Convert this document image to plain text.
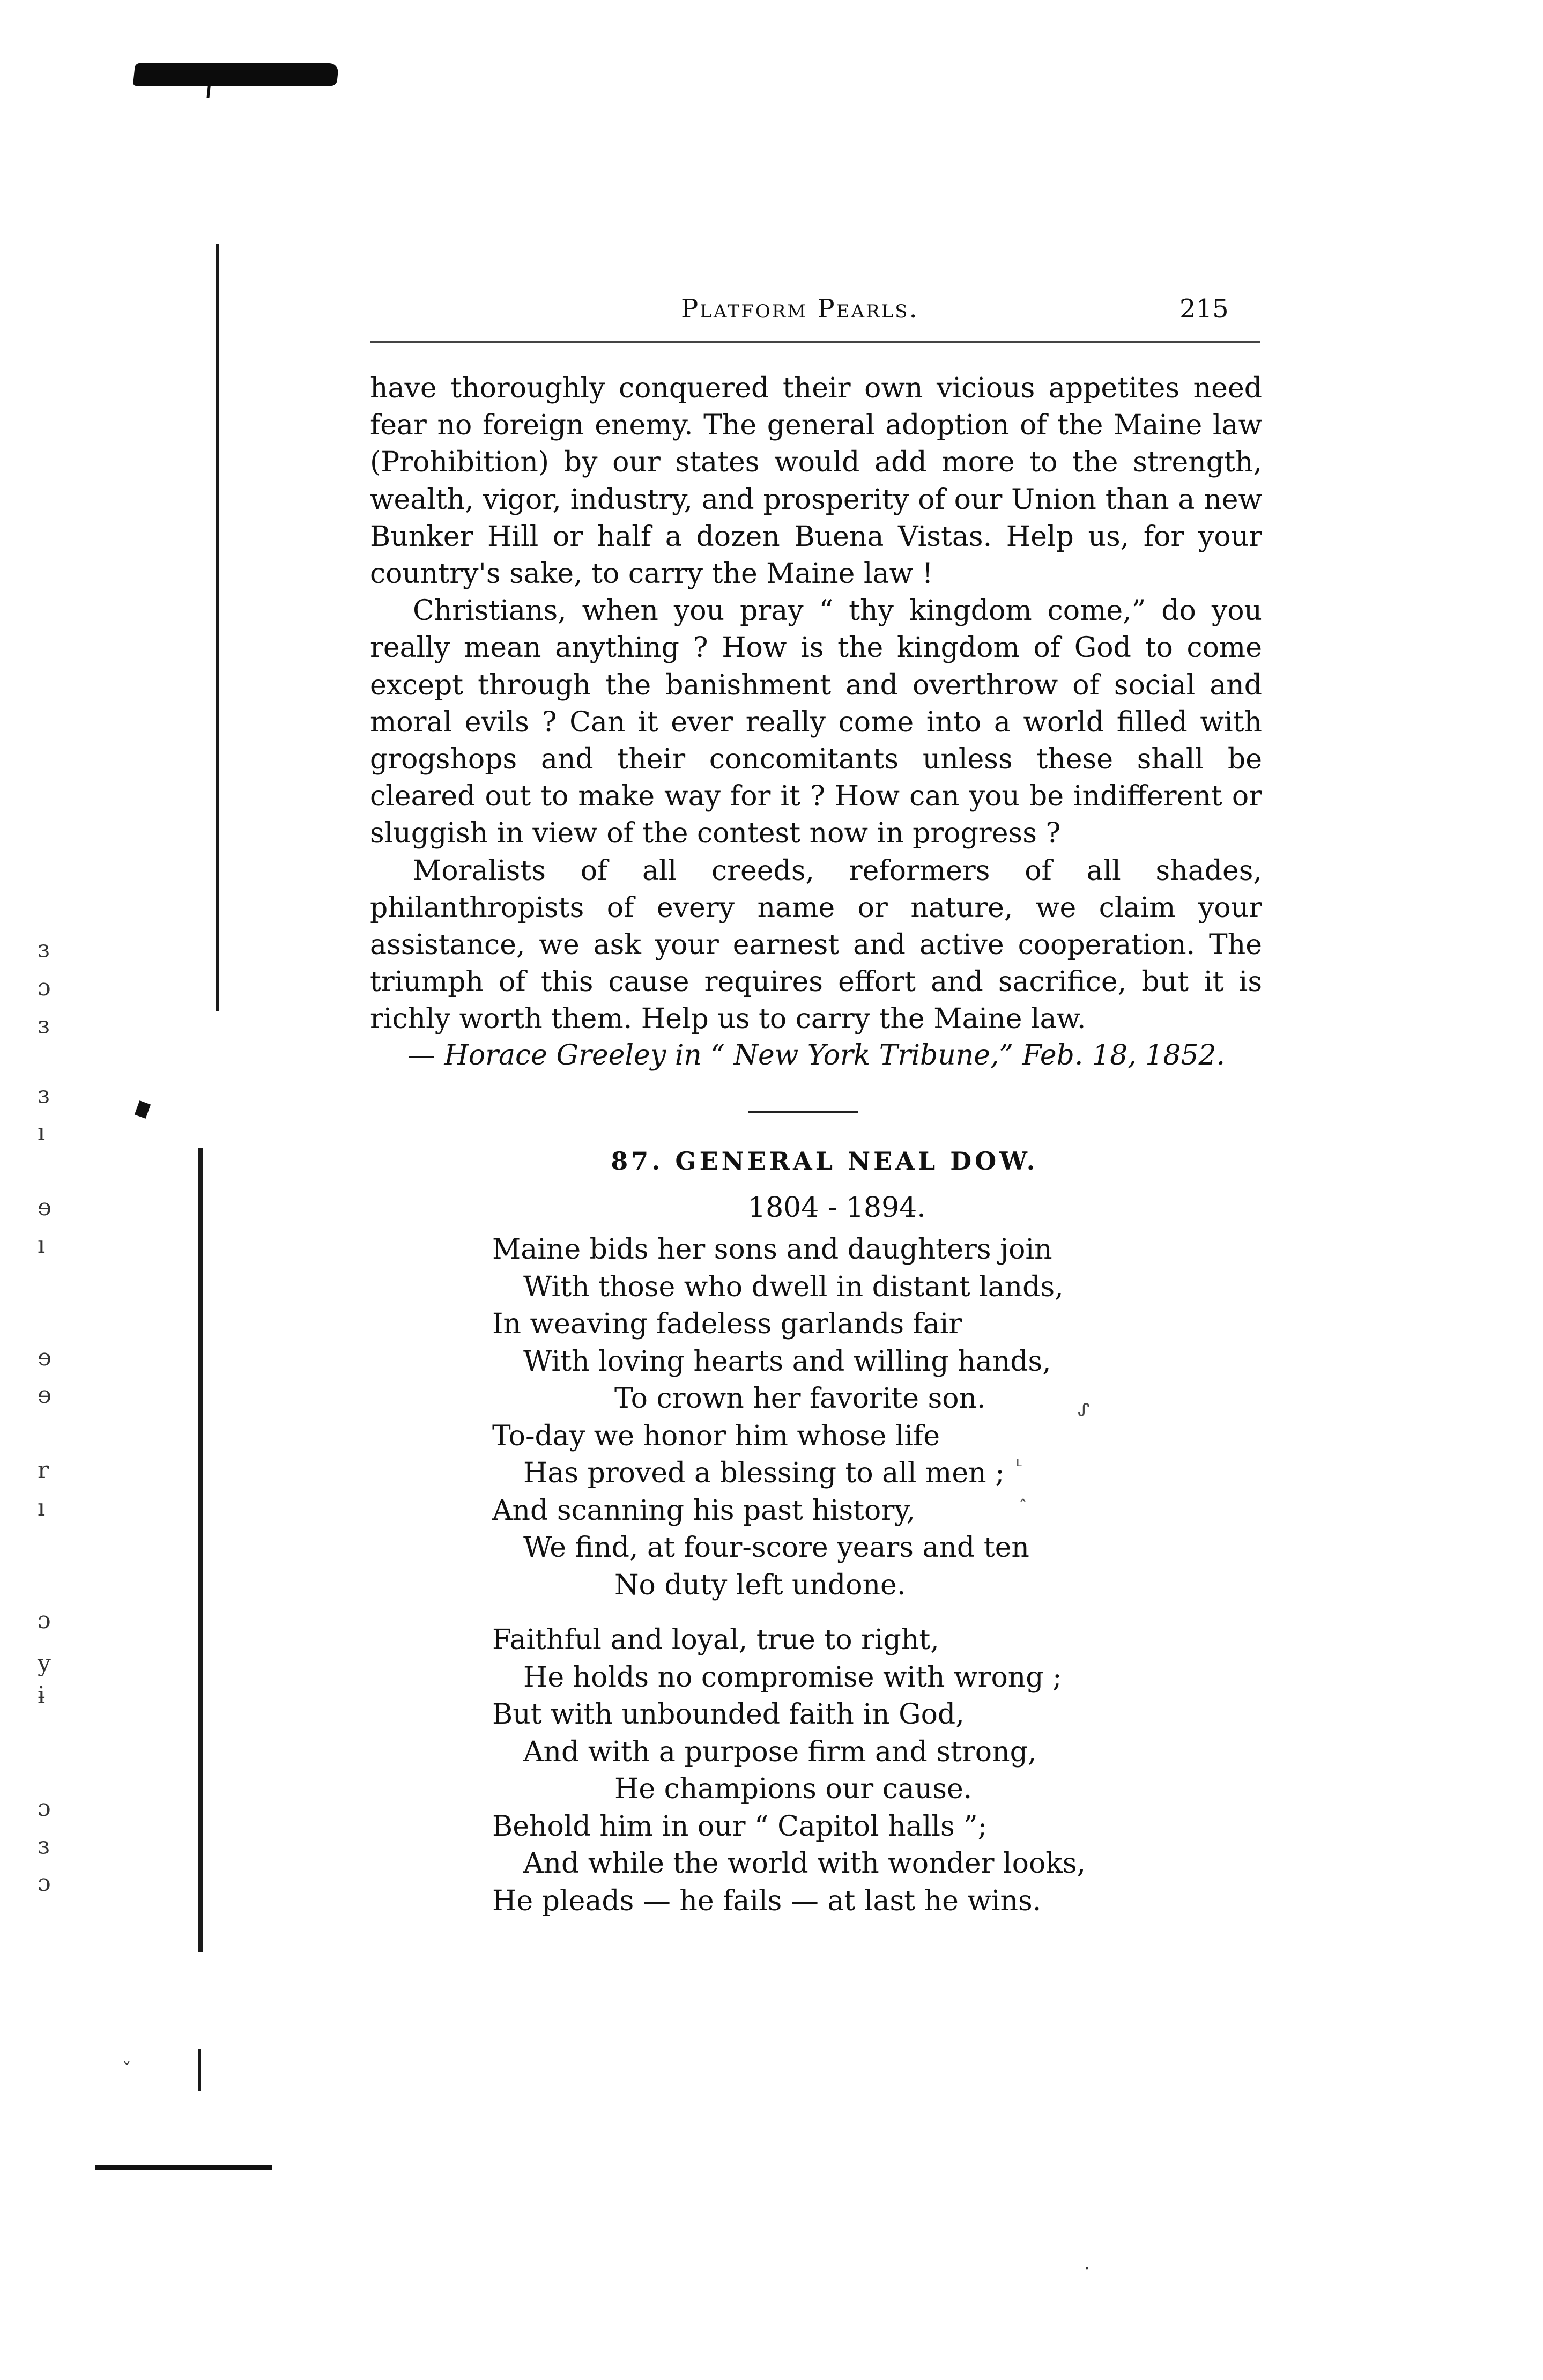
ɜ
ɔ
ɜ
ɜ
ı
ɘ
ı
ɘ
ɘ
r
ı
ɔ
y
ɨ
ɔ
ɜ
ɔ
ˇ
·
Platform Pearls.	215

have thoroughly conquered their own vicious appetites need fear no foreign enemy. The general adoption of the Maine law (Prohibition) by our states would add more to the strength, wealth, vigor, industry, and prosperity of our Union than a new Bunker Hill or half a dozen Buena Vistas. Help us, for your country's sake, to carry the Maine law !

Christians, when you pray “ thy kingdom come,” do you really mean anything ? How is the kingdom of God to come except through the banishment and overthrow of social and moral evils ? Can it ever really come into a world filled with grogshops and their concomitants unless these shall be cleared out to make way for it ? How can you be indifferent or sluggish in view of the contest now in progress ?

Moralists of all creeds, reformers of all shades, philanthropists of every name or nature, we claim your assistance, we ask your earnest and active cooperation. The triumph of this cause requires effort and sacrifice, but it is richly worth them. Help us to carry the Maine law.

— Horace Greeley in “ New York Tribune,” Feb. 18, 1852.
87. GENERAL NEAL DOW.
1804 - 1894.
Maine bids her sons and daughters join
With those who dwell in distant lands,
In weaving fadeless garlands fair
With loving hearts and willing hands,
To crown her favorite son.
To-day we honor him whose life
Has proved a blessing to all men ;
And scanning his past history,
We find, at four-score years and ten
No duty left undone.
Faithful and loyal, true to right,
He holds no compromise with wrong ;
But with unbounded faith in God,
And with a purpose firm and strong,
He champions our cause.
Behold him in our “ Capitol halls ”;
And while the world with wonder looks,
He pleads — he fails — at last he wins.
ᔑ
ᒻ
ˆ
